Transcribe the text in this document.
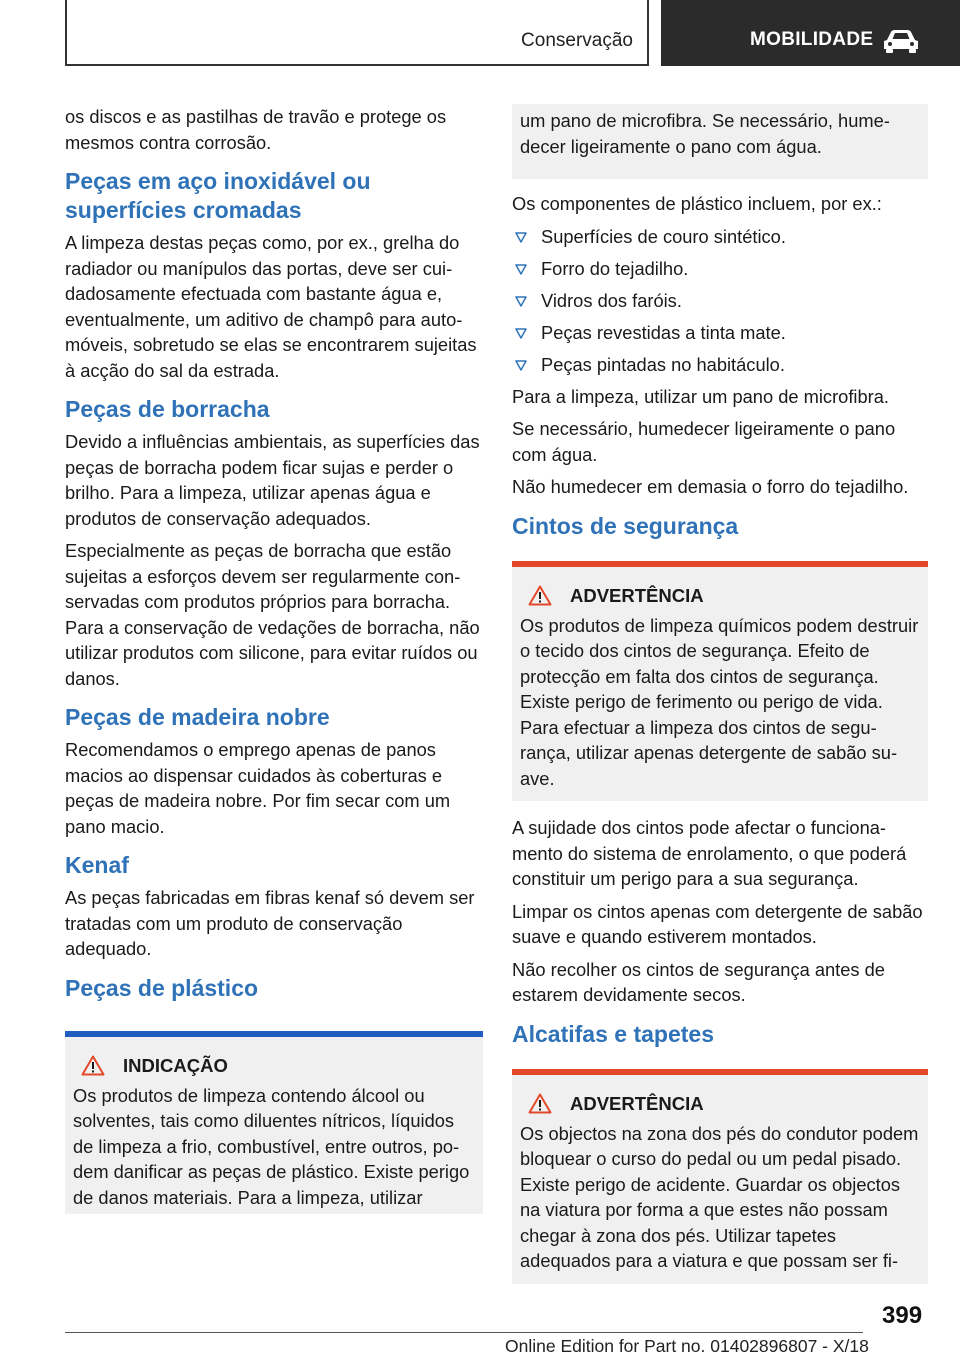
Conservação	MOBILIDADE

os discos e as pastilhas de travão e protege os mesmos contra corrosão.

Peças em aço inoxidável ou superfícies cromadas

A limpeza destas peças como, por ex., grelha do radiador ou manípulos das portas, deve ser cuidadosamente efectuada com bastante água e, eventualmente, um aditivo de champô para automóveis, sobretudo se elas se encontrarem sujeitas à acção do sal da estrada.

Peças de borracha

Devido a influências ambientais, as superfícies das peças de borracha podem ficar sujas e perder o brilho. Para a limpeza, utilizar apenas água e produtos de conservação adequados.

Especialmente as peças de borracha que estão sujeitas a esforços devem ser regularmente conservadas com produtos próprios para borracha. Para a conservação de vedações de borracha, não utilizar produtos com silicone, para evitar ruídos ou danos.

Peças de madeira nobre

Recomendamos o emprego apenas de panos macios ao dispensar cuidados às coberturas e peças de madeira nobre. Por fim secar com um pano macio.

Kenaf

As peças fabricadas em fibras kenaf só devem ser tratadas com um produto de conservação adequado.

Peças de plástico
INDICAÇÃO

Os produtos de limpeza contendo álcool ou solventes, tais como diluentes nítricos, líquidos de limpeza a frio, combustível, entre outros, podem danificar as peças de plástico. Existe perigo de danos materiais. Para a limpeza, utilizar

um pano de microfibra. Se necessário, humedecer ligeiramente o pano com água.

Os componentes de plástico incluem, por ex.:

Superfícies de couro sintético.
Forro do tejadilho.
Vidros dos faróis.
Peças revestidas a tinta mate.
Peças pintadas no habitáculo.

Para a limpeza, utilizar um pano de microfibra.

Se necessário, humedecer ligeiramente o pano com água.

Não humedecer em demasia o forro do tejadilho.

Cintos de segurança
ADVERTÊNCIA

Os produtos de limpeza químicos podem destruir o tecido dos cintos de segurança. Efeito de protecção em falta dos cintos de segurança. Existe perigo de ferimento ou perigo de vida. Para efectuar a limpeza dos cintos de segurança, utilizar apenas detergente de sabão suave.

A sujidade dos cintos pode afectar o funcionamento do sistema de enrolamento, o que poderá constituir um perigo para a sua segurança.

Limpar os cintos apenas com detergente de sabão suave e quando estiverem montados.

Não recolher os cintos de segurança antes de estarem devidamente secos.

Alcatifas e tapetes
ADVERTÊNCIA

Os objectos na zona dos pés do condutor podem bloquear o curso do pedal ou um pedal pisado. Existe perigo de acidente. Guardar os objectos na viatura por forma a que estes não possam chegar à zona dos pés. Utilizar tapetes adequados para a viatura e que possam ser fi-

399
Online Edition for Part no. 01402896807 - X/18
